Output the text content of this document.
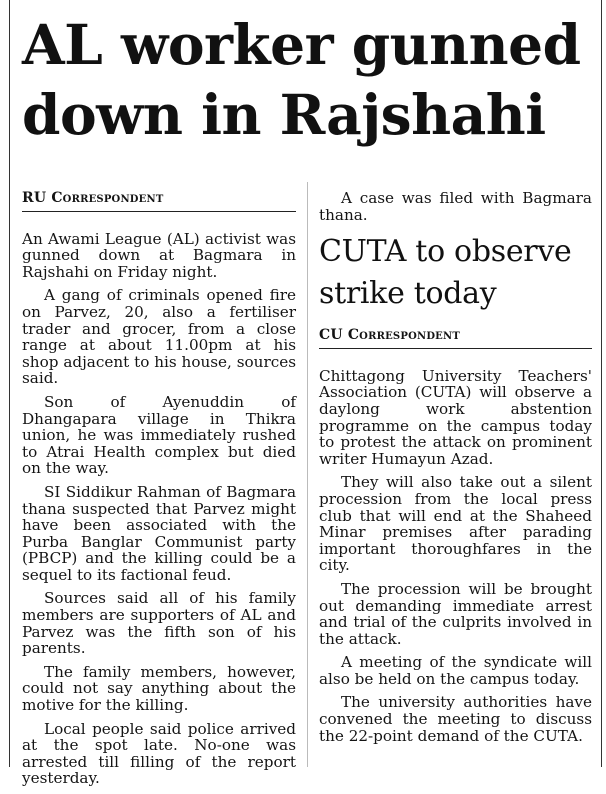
AL worker gunned down in Rajshahi
RU Correspondent

An Awami League (AL) activist was gunned down at Bagmara in Rajshahi on Friday night.

A gang of criminals opened fire on Parvez, 20, also a fertiliser trader and grocer, from a close range at about 11.00pm at his shop adjacent to his house, sources said.

Son of Ayenuddin of Dhangapara village in Thikra union, he was immediately rushed to Atrai Health complex but died on the way.

SI Siddikur Rahman of Bagmara thana suspected that Parvez might have been associated with the Purba Banglar Communist party (PBCP) and the killing could be a sequel to its factional feud.

Sources said all of his family members are supporters of AL and Parvez was the fifth son of his parents.

The family members, however, could not say anything about the motive for the killing.

Local people said police arrived at the spot late. No-one was arrested till filling of the report yesterday.

A case was filed with Bagmara thana.

CUTA to observe strike today
CU Correspondent

Chittagong University Teachers' Association (CUTA) will observe a daylong work abstention programme on the campus today to protest the attack on prominent writer Humayun Azad.

They will also take out a silent procession from the local press club that will end at the Shaheed Minar premises after parading important thoroughfares in the city.

The procession will be brought out demanding immediate arrest and trial of the culprits involved in the attack.

A meeting of the syndicate will also be held on the campus today.

The university authorities have convened the meeting to discuss the 22-point demand of the CUTA.
